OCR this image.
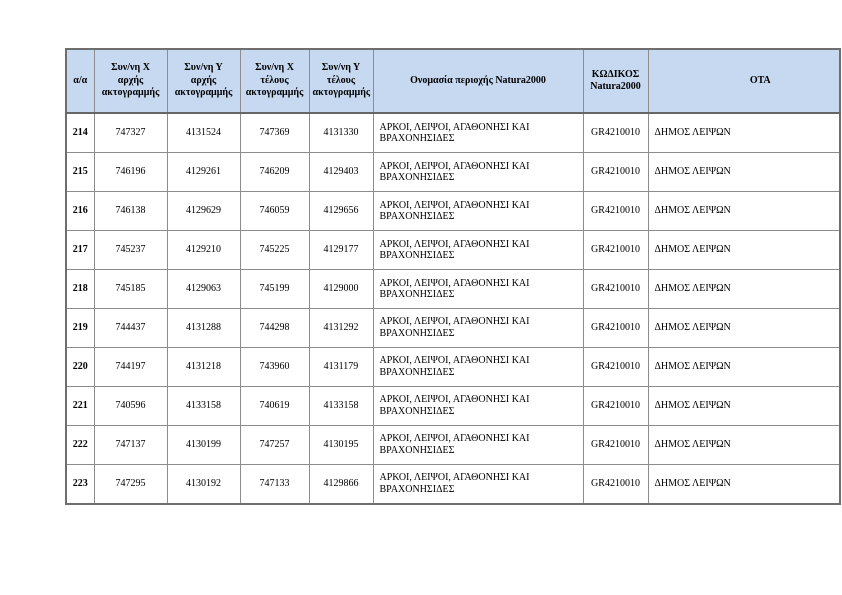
α/α	Συν/νη Χ αρχής ακτογραμμής	Συν/νη Υ αρχής ακτογραμμής	Συν/νη Χ τέλους ακτογραμμής	Συν/νη Υ τέλους ακτογραμμής	Ονομασία περιοχής Natura2000	ΚΩΔΙΚΟΣ Natura2000	ΟΤΑ
214	747327	4131524	747369	4131330	ΑΡΚΟΙ, ΛΕΙΨΟΙ, ΑΓΑΘΟΝΗΣΙ ΚΑΙ ΒΡΑΧΟΝΗΣΙΔΕΣ	GR4210010	ΔΗΜΟΣ ΛΕΙΨΩΝ
215	746196	4129261	746209	4129403	ΑΡΚΟΙ, ΛΕΙΨΟΙ, ΑΓΑΘΟΝΗΣΙ ΚΑΙ ΒΡΑΧΟΝΗΣΙΔΕΣ	GR4210010	ΔΗΜΟΣ ΛΕΙΨΩΝ
216	746138	4129629	746059	4129656	ΑΡΚΟΙ, ΛΕΙΨΟΙ, ΑΓΑΘΟΝΗΣΙ ΚΑΙ ΒΡΑΧΟΝΗΣΙΔΕΣ	GR4210010	ΔΗΜΟΣ ΛΕΙΨΩΝ
217	745237	4129210	745225	4129177	ΑΡΚΟΙ, ΛΕΙΨΟΙ, ΑΓΑΘΟΝΗΣΙ ΚΑΙ ΒΡΑΧΟΝΗΣΙΔΕΣ	GR4210010	ΔΗΜΟΣ ΛΕΙΨΩΝ
218	745185	4129063	745199	4129000	ΑΡΚΟΙ, ΛΕΙΨΟΙ, ΑΓΑΘΟΝΗΣΙ ΚΑΙ ΒΡΑΧΟΝΗΣΙΔΕΣ	GR4210010	ΔΗΜΟΣ ΛΕΙΨΩΝ
219	744437	4131288	744298	4131292	ΑΡΚΟΙ, ΛΕΙΨΟΙ, ΑΓΑΘΟΝΗΣΙ ΚΑΙ ΒΡΑΧΟΝΗΣΙΔΕΣ	GR4210010	ΔΗΜΟΣ ΛΕΙΨΩΝ
220	744197	4131218	743960	4131179	ΑΡΚΟΙ, ΛΕΙΨΟΙ, ΑΓΑΘΟΝΗΣΙ ΚΑΙ ΒΡΑΧΟΝΗΣΙΔΕΣ	GR4210010	ΔΗΜΟΣ ΛΕΙΨΩΝ
221	740596	4133158	740619	4133158	ΑΡΚΟΙ, ΛΕΙΨΟΙ, ΑΓΑΘΟΝΗΣΙ ΚΑΙ ΒΡΑΧΟΝΗΣΙΔΕΣ	GR4210010	ΔΗΜΟΣ ΛΕΙΨΩΝ
222	747137	4130199	747257	4130195	ΑΡΚΟΙ, ΛΕΙΨΟΙ, ΑΓΑΘΟΝΗΣΙ ΚΑΙ ΒΡΑΧΟΝΗΣΙΔΕΣ	GR4210010	ΔΗΜΟΣ ΛΕΙΨΩΝ
223	747295	4130192	747133	4129866	ΑΡΚΟΙ, ΛΕΙΨΟΙ, ΑΓΑΘΟΝΗΣΙ ΚΑΙ ΒΡΑΧΟΝΗΣΙΔΕΣ	GR4210010	ΔΗΜΟΣ ΛΕΙΨΩΝ
